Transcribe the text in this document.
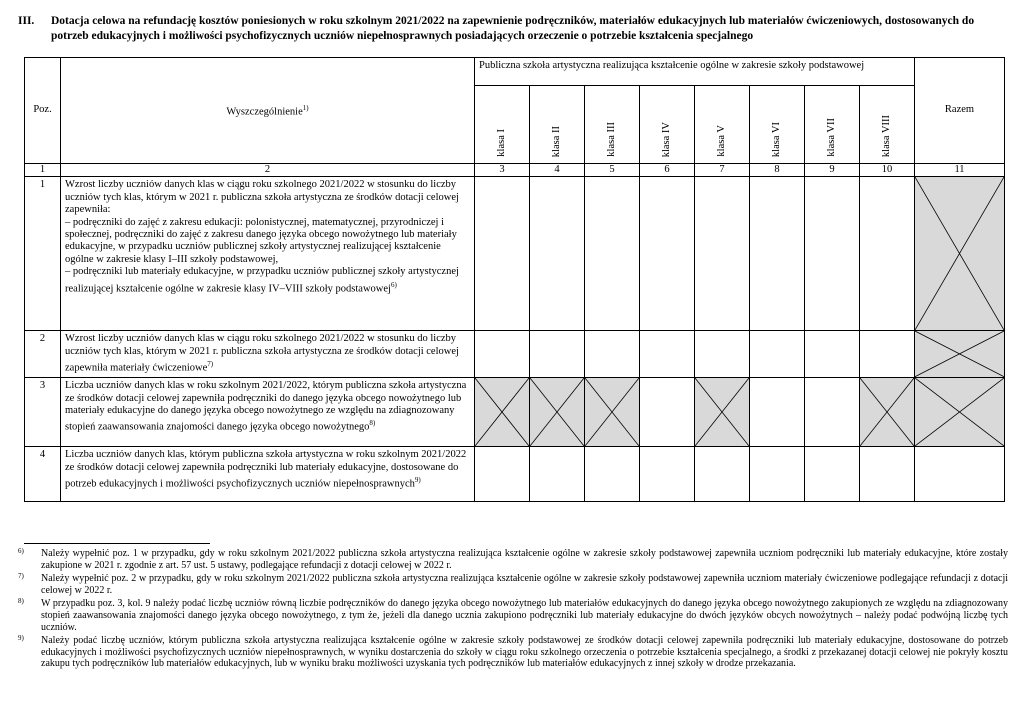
III. Dotacja celowa na refundację kosztów poniesionych w roku szkolnym 2021/2022 na zapewnienie podręczników, materiałów edukacyjnych lub materiałów ćwiczeniowych, dostosowanych do potrzeb edukacyjnych i możliwości psychofizycznych uczniów niepełnosprawnych posiadających orzeczenie o potrzebie kształcenia specjalnego
Poz.	Wyszczególnienie$^{1)}$	Publiczna szkoła artystyczna realizująca kształcenie ogólne w zakresie szkoły podstawowej								Razem

		klasa I	klasa II	klasa III	klasa IV	klasa V	klasa VI	klasa VII	klasa VIII	

1	2	3	4	5	6	7	8	9	10	11
1	Wzrost liczby uczniów danych klas w ciągu roku szkolnego 2021/2022 w stosunku do liczby uczniów tych klas, którym w 2021 r. publiczna szkoła artystyczna ze środków dotacji celowej zapewniła:
– podręczniki do zajęć z zakresu edukacji: polonistycznej, matematycznej, przyrodniczej i społecznej, podręczniki do zajęć z zakresu danego języka obcego nowożytnego lub materiały edukacyjne, w przypadku uczniów publicznej szkoły artystycznej realizującej kształcenie ogólne w zakresie klasy I–III szkoły podstawowej,
– podręczniki lub materiały edukacyjne, w przypadku uczniów publicznej szkoły artystycznej realizującej kształcenie ogólne w zakresie klasy IV–VIII szkoły podstawowej$^{6)}$

2	Wzrost liczby uczniów danych klas w ciągu roku szkolnego 2021/2022 w stosunku do liczby uczniów tych klas, którym w 2021 r. publiczna szkoła artystyczna ze środków dotacji celowej zapewniła materiały ćwiczeniowe$^{7)}$									

3	Liczba uczniów danych klas w roku szkolnym 2021/2022, którym publiczna szkoła artystyczna ze środków dotacji celowej zapewniła podręczniki do danego języka obcego nowożytnego lub materiały edukacyjne do danego języka obcego nowożytnego ze względu na zdiagnozowany stopień zaawansowania znajomości danego języka obcego nowożytnego$^{8)}$	

4	Liczba uczniów danych klas, którym publiczna szkoła artystyczna w roku szkolnym 2021/2022 ze środków dotacji celowej zapewniła podręczniki lub materiały edukacyjne, dostosowane do potrzeb edukacyjnych i możliwości psychofizycznych uczniów niepełnosprawnych$^{9)}$									
6) Należy wypełnić poz. 1 w przypadku, gdy w roku szkolnym 2021/2022 publiczna szkoła artystyczna realizująca kształcenie ogólne w zakresie szkoły podstawowej zapewniła uczniom podręczniki lub materiały edukacyjne, które zostały zakupione w 2021 r. zgodnie z art. 57 ust. 5 ustawy, podlegające refundacji z dotacji celowej w 2022 r.
7) Należy wypełnić poz. 2 w przypadku, gdy w roku szkolnym 2021/2022 publiczna szkoła artystyczna realizująca kształcenie ogólne w zakresie szkoły podstawowej zapewniła uczniom materiały ćwiczeniowe podlegające refundacji z dotacji celowej w 2022 r.
8) W przypadku poz. 3, kol. 9 należy podać liczbę uczniów równą liczbie podręczników do danego języka obcego nowożytnego lub materiałów edukacyjnych do danego języka obcego nowożytnego zakupionych ze względu na zdiagnozowany stopień zaawansowania znajomości danego języka obcego nowożytnego, z tym że, jeżeli dla danego ucznia zakupiono podręczniki lub materiały edukacyjne do dwóch języków obcych nowożytnych – należy podać podwójną liczbę tych uczniów.
9) Należy podać liczbę uczniów, którym publiczna szkoła artystyczna realizująca kształcenie ogólne w zakresie szkoły podstawowej ze środków dotacji celowej zapewniła podręczniki lub materiały edukacyjne, dostosowane do potrzeb edukacyjnych i możliwości psychofizycznych uczniów niepełnosprawnych, w wyniku dostarczenia do szkoły w ciągu roku szkolnego orzeczenia o potrzebie kształcenia specjalnego, a środki z przekazanej dotacji celowej nie pokryły kosztu zakupu tych podręczników lub materiałów edukacyjnych, lub w wyniku braku możliwości uzyskania tych podręczników lub materiałów edukacyjnych z innej szkoły w drodze przekazania.
